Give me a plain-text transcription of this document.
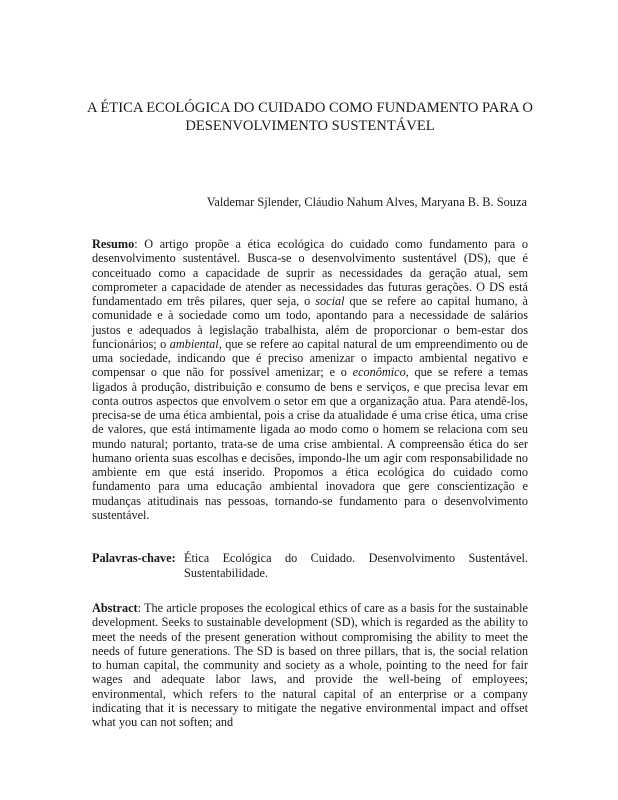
A ÉTICA ECOLÓGICA DO CUIDADO COMO FUNDAMENTO PARA O
DESENVOLVIMENTO SUSTENTÁVEL
Valdemar Sjlender, Cláudio Nahum Alves, Maryana B. B. Souza

Resumo: O artigo propõe a ética ecológica do cuidado como fundamento para o desenvolvimento sustentável. Busca-se o desenvolvimento sustentável (DS), que é conceituado como a capacidade de suprir as necessidades da geração atual, sem comprometer a capacidade de atender as necessidades das futuras gerações. O DS está fundamentado em três pilares, quer seja, o social que se refere ao capital humano, à comunidade e à sociedade como um todo, apontando para a necessidade de salários justos e adequados à legislação trabalhista, além de proporcionar o bem-estar dos funcionários; o ambiental, que se refere ao capital natural de um empreendimento ou de uma sociedade, indicando que é preciso amenizar o impacto ambiental negativo e compensar o que não for possível amenizar; e o econômico, que se refere a temas ligados à produção, distribuição e consumo de bens e serviços, e que precisa levar em conta outros aspectos que envolvem o setor em que a organização atua. Para atendê-los, precisa-se de uma ética ambiental, pois a crise da atualidade é uma crise ética, uma crise de valores, que está intimamente ligada ao modo como o homem se relaciona com seu mundo natural; portanto, trata-se de uma crise ambiental. A compreensão ética do ser humano orienta suas escolhas e decisões, impondo-lhe um agir com responsabilidade no ambiente em que está inserido. Propomos a ética ecológica do cuidado como fundamento para uma educação ambiental inovadora que gere conscientização e mudanças atitudinais nas pessoas, tornando-se fundamento para o desenvolvimento sustentável.

Palavras-chave: Ética Ecológica do Cuidado. Desenvolvimento Sustentável. Sustentabilidade.

Abstract: The article proposes the ecological ethics of care as a basis for the sustainable development. Seeks to sustainable development (SD), which is regarded as the ability to meet the needs of the present generation without compromising the ability to meet the needs of future generations. The SD is based on three pillars, that is, the social relation to human capital, the community and society as a whole, pointing to the need for fair wages and adequate labor laws, and provide the well-being of employees; environmental, which refers to the natural capital of an enterprise or a company indicating that it is necessary to mitigate the negative environmental impact and offset what you can not soften; and
